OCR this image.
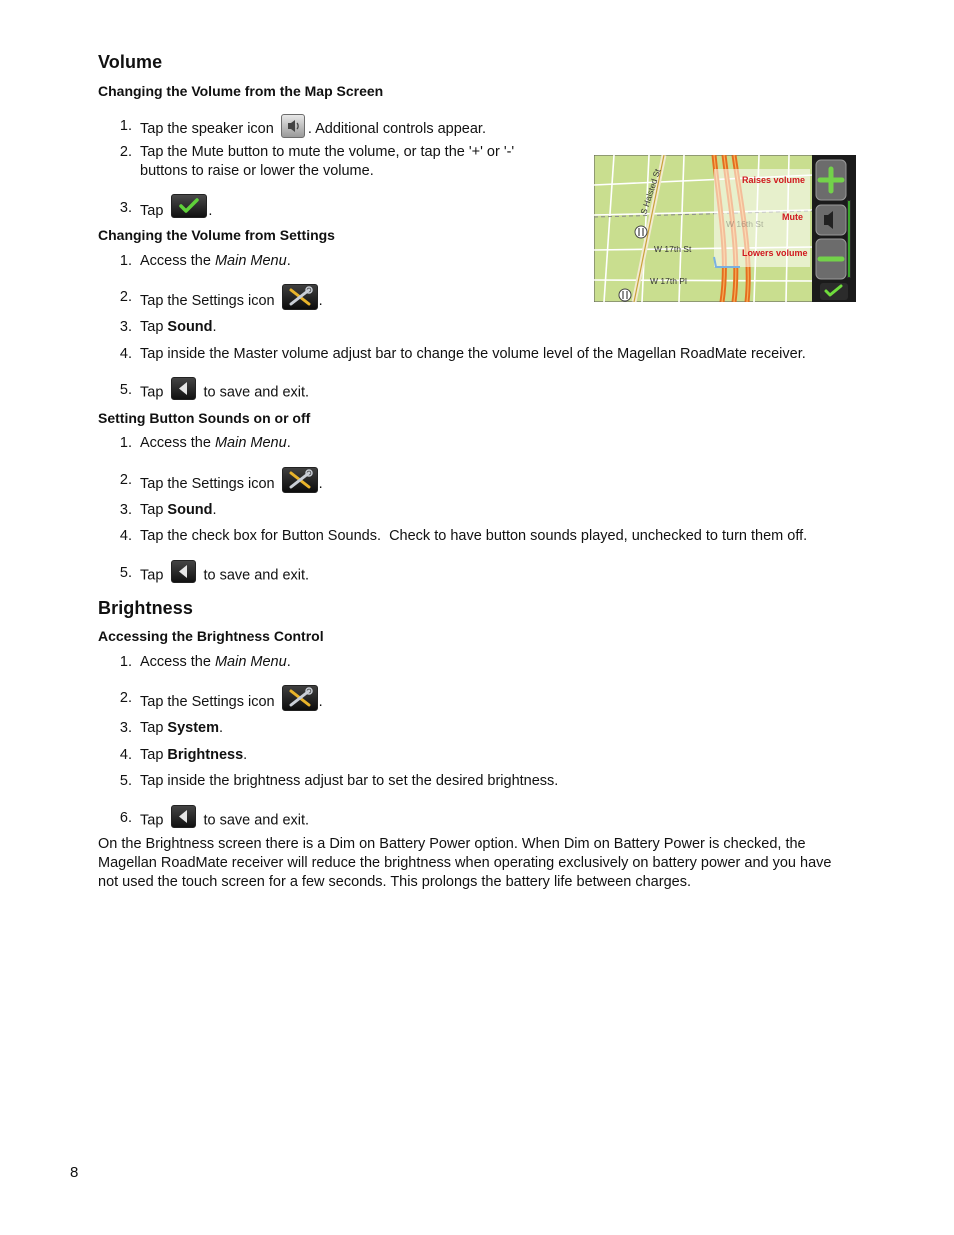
Volume
Changing the Volume from the Map Screen
1. Tap the speaker icon . Additional controls appear.
2. Tap the Mute button to mute the volume, or tap the '+' or '-'
buttons to raise or lower the volume.
3. Tap	.	S Halsted St
W 17th St
W 17th Pl
Raises volume
Mute
W 16th St
Lowers volume
Changing the Volume from Settings
1. Access the Main Menu.
2. Tap the Settings icon	.
3. Tap Sound.
4. Tap inside the Master volume adjust bar to change the volume level of the Magellan RoadMate receiver.
5. Tap	to save and exit.
Setting Button Sounds on or off
1. Access the Main Menu.
2. Tap the Settings icon	.
3. Tap Sound.
4. Tap the check box for Button Sounds.  Check to have button sounds played, unchecked to turn them off.
5. Tap	to save and exit.
Brightness
Accessing the Brightness Control
1. Access the Main Menu.
2. Tap the Settings icon	.
3. Tap System.
4. Tap Brightness.
5. Tap inside the brightness adjust bar to set the desired brightness.
6. Tap	to save and exit.
On the Brightness screen there is a Dim on Battery Power option. When Dim on Battery Power is checked, the
Magellan RoadMate receiver will reduce the brightness when operating exclusively on battery power and you have
not used the touch screen for a few seconds. This prolongs the battery life between charges.
8
